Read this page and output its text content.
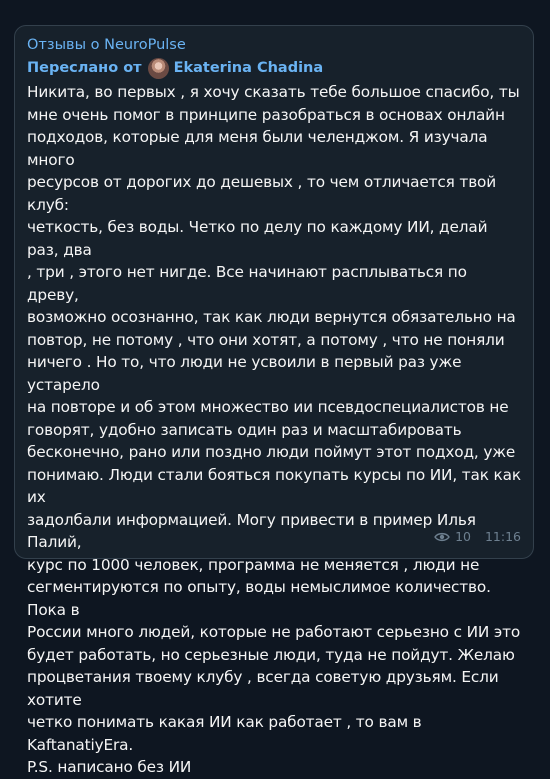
Отзывы о NeuroPulse
Переслано от Ekaterina Chadina
Никита, во первых , я хочу сказать тебе большое спасибо, ты
мне очень помог в принципе разобраться в основах онлайн
подходов, которые для меня были челенджом. Я изучала много
ресурсов от дорогих до дешевых , то чем отличается твой клуб:
четкость, без воды. Четко по делу по каждому ИИ, делай раз, два
, три , этого нет нигде. Все начинают расплываться по древу,
возможно осознанно, так как люди вернутся обязательно на
повтор, не потому , что они хотят, а потому , что не поняли
ничего . Но то, что люди не усвоили в первый раз уже устарело
на повторе и об этом множество ии псевдоспециалистов не
говорят, удобно записать один раз и масштабировать
бесконечно, рано или поздно люди поймут этот подход, уже
понимаю. Люди стали бояться покупать курсы по ИИ, так как их
задолбали информацией. Могу привести в пример Илья Палий,
курс по 1000 человек, программа не меняется , люди не
сегментируются по опыту, воды немыслимое количество. Пока в
России много людей, которые не работают серьезно с ИИ это
будет работать, но серьезные люди, туда не пойдут. Желаю
процветания твоему клубу , всегда советую друзьям. Если хотите
четко понимать какая ИИ как работает , то вам в KaftanatiyEra.
P.S. написано без ИИ
10 11:16
